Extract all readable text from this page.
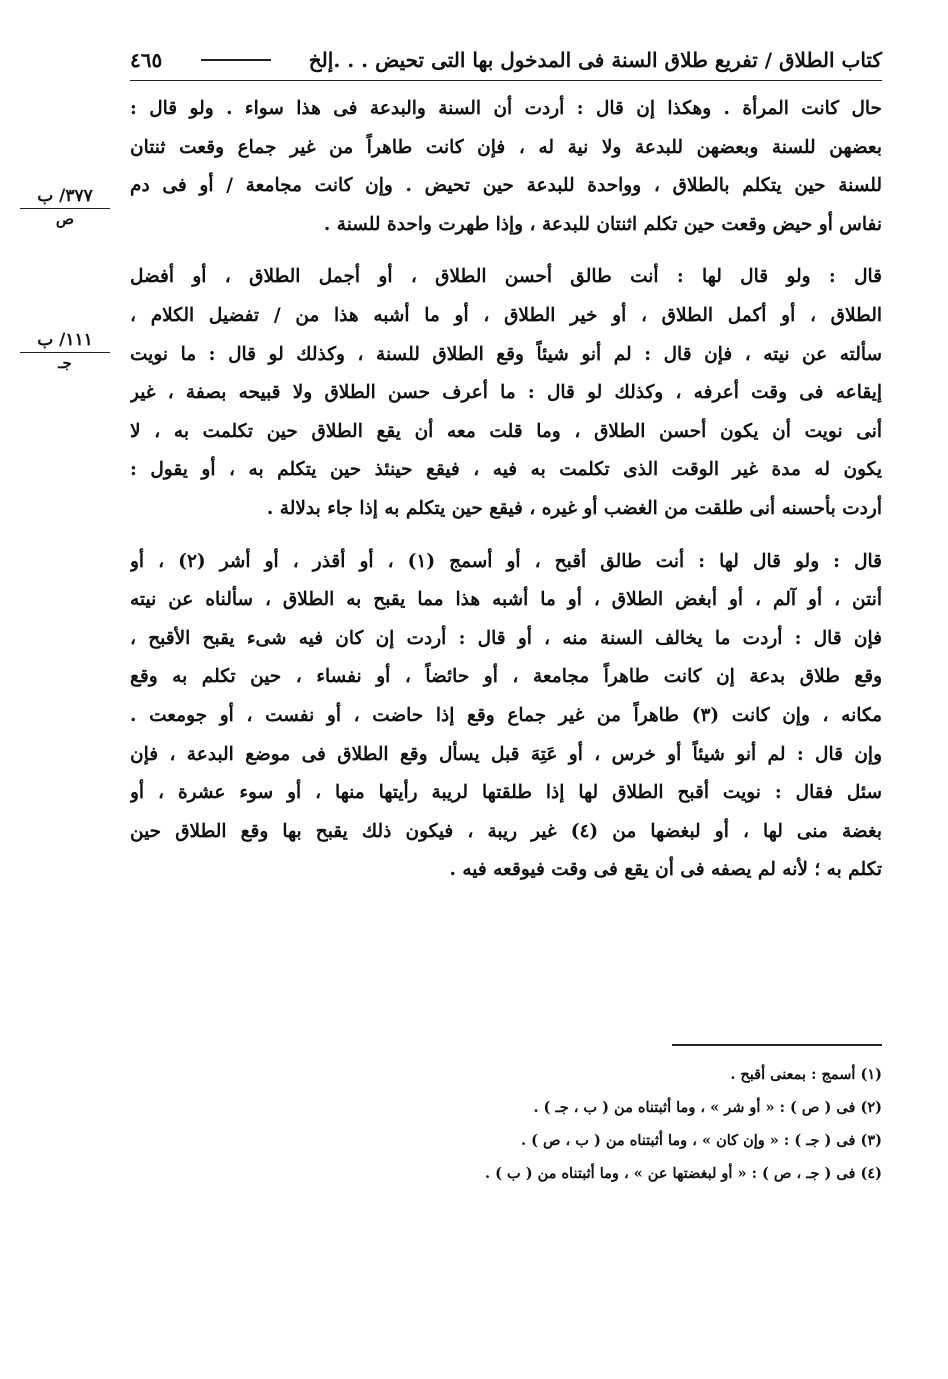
كتاب الطلاق / تفريع طلاق السنة فى المدخول بها التى تحيض . . .إلخ
٤٦٥
٣٧٧/ ب
ص
١١١/ ب
جـ

حال كانت المرأة . وهكذا إن قال : أردت أن السنة والبدعة فى هذا سواء . ولو قال :
بعضهن للسنة وبعضهن للبدعة ولا نية له ، فإن كانت طاهراً من غير جماع وقعت ثنتان
للسنة حين يتكلم بالطلاق ، وواحدة للبدعة حين تحيض . وإن كانت مجامعة / أو فى دم
نفاس أو حيض وقعت حين تكلم اثنتان للبدعة ، وإذا طهرت واحدة للسنة .

قال : ولو قال لها : أنت طالق أحسن الطلاق ، أو أجمل الطلاق ، أو أفضل
الطلاق ، أو أكمل الطلاق ، أو خير الطلاق ، أو ما أشبه هذا من / تفضيل الكلام ،
سألته عن نيته ، فإن قال : لم أنو شيئاً وقع الطلاق للسنة ، وكذلك لو قال : ما نويت
إيقاعه فى وقت أعرفه ، وكذلك لو قال : ما أعرف حسن الطلاق ولا قبيحه بصفة ، غير
أنى نويت أن يكون أحسن الطلاق ، وما قلت معه أن يقع الطلاق حين تكلمت به ، لا
يكون له مدة غير الوقت الذى تكلمت به فيه ، فيقع حينئذ حين يتكلم به ، أو يقول :
أردت بأحسنه أنى طلقت من الغضب أو غيره ، فيقع حين يتكلم به إذا جاء بدلالة .

قال : ولو قال لها : أنت طالق أقبح ، أو أسمج (١) ، أو أقذر ، أو أشر (٢) ، أو
أنتن ، أو آلم ، أو أبغض الطلاق ، أو ما أشبه هذا مما يقبح به الطلاق ، سألناه عن نيته
فإن قال : أردت ما يخالف السنة منه ، أو قال : أردت إن كان فيه شىء يقبح الأقبح ،
وقع طلاق بدعة إن كانت طاهراً مجامعة ، أو حائضاً ، أو نفساء ، حين تكلم به وقع
مكانه ، وإن كانت (٣) طاهراً من غير جماع وقع إذا حاضت ، أو نفست ، أو جومعت .
وإن قال : لم أنو شيئاً أو خرس ، أو عَتِهَ قبل يسأل وقع الطلاق فى موضع البدعة ، فإن
سئل فقال : نويت أقبح الطلاق لها إذا طلقتها لريبة رأيتها منها ، أو سوء عشرة ، أو
بغضة منى لها ، أو لبغضها من (٤) غير ريبة ، فيكون ذلك يقبح بها وقع الطلاق حين
تكلم به ؛ لأنه لم يصفه فى أن يقع فى وقت فيوقعه فيه .

(١) أسمج : بمعنى أقبح .
(٢) فى ( ص ) : « أو شر » ، وما أثبتناه من ( ب ، جـ ) .
(٣) فى ( جـ ) : « وإن كان » ، وما أثبتناه من ( ب ، ص ) .
(٤) فى ( جـ ، ص ) : « أو لبغضتها عن » ، وما أثبتناه من ( ب ) .
